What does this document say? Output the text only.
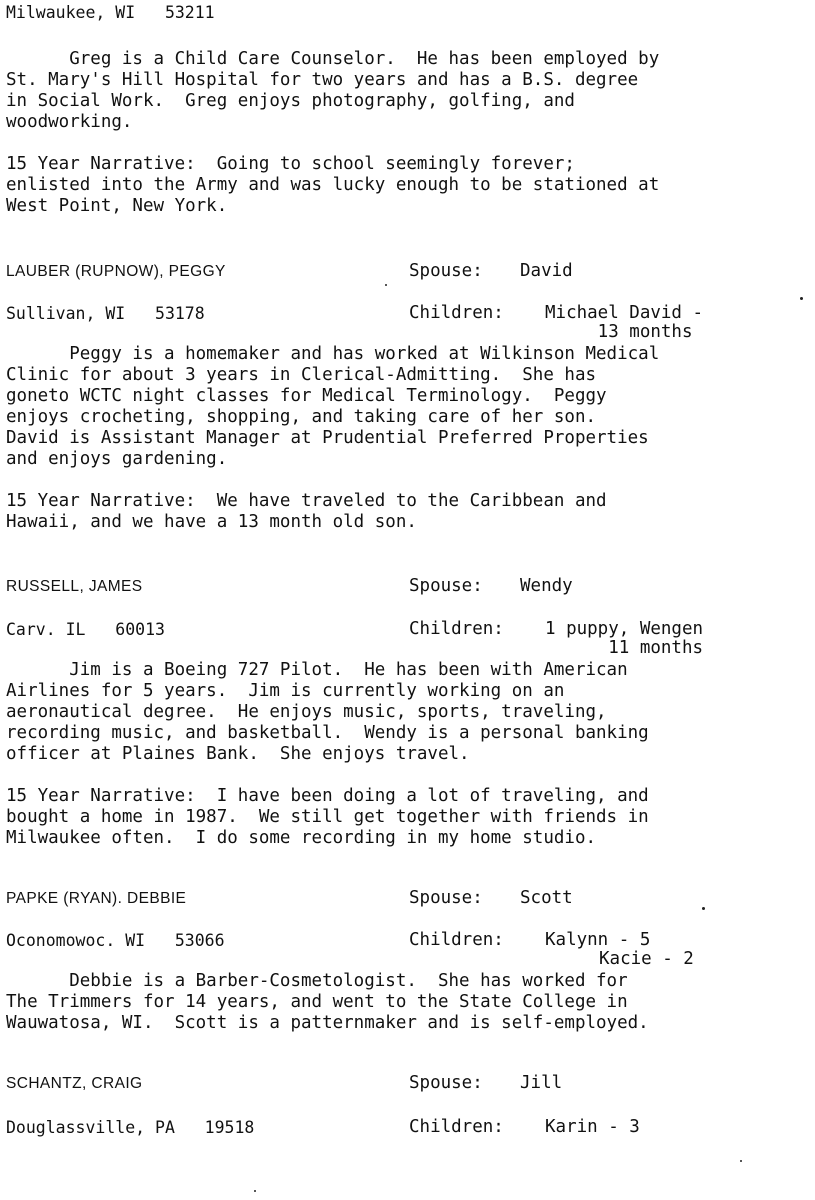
Milwaukee, WI   53211
Greg is a Child Care Counselor.  He has been employed by
St. Mary's Hill Hospital for two years and has a B.S. degree
in Social Work.  Greg enjoys photography, golfing, and
woodworking.
15 Year Narrative:  Going to school seemingly forever;
enlisted into the Army and was lucky enough to be stationed at
West Point, New York.
LAUBER (RUPNOW), PEGGY	Spouse: David
Sullivan, WI   53178	Children: Michael David -
13 months
Peggy is a homemaker and has worked at Wilkinson Medical
Clinic for about 3 years in Clerical-Admitting.  She has
goneto WCTC night classes for Medical Terminology.  Peggy
enjoys crocheting, shopping, and taking care of her son.
David is Assistant Manager at Prudential Preferred Properties
and enjoys gardening.
15 Year Narrative:  We have traveled to the Caribbean and
Hawaii, and we have a 13 month old son.
RUSSELL, JAMES	Spouse: Wendy
Carv. IL   60013	Children: 1 puppy, Wengen
11 months
Jim is a Boeing 727 Pilot.  He has been with American
Airlines for 5 years.  Jim is currently working on an
aeronautical degree.  He enjoys music, sports, traveling,
recording music, and basketball.  Wendy is a personal banking
officer at Plaines Bank.  She enjoys travel.
15 Year Narrative:  I have been doing a lot of traveling, and
bought a home in 1987.  We still get together with friends in
Milwaukee often.  I do some recording in my home studio.
PAPKE (RYAN). DEBBIE	Spouse: Scott
Oconomowoc. WI   53066	Children: Kalynn - 5
Kacie - 2
Debbie is a Barber-Cosmetologist.  She has worked for
The Trimmers for 14 years, and went to the State College in
Wauwatosa, WI.  Scott is a patternmaker and is self-employed.
SCHANTZ, CRAIG	Spouse: Jill
Douglassville, PA   19518	Children: Karin - 3
